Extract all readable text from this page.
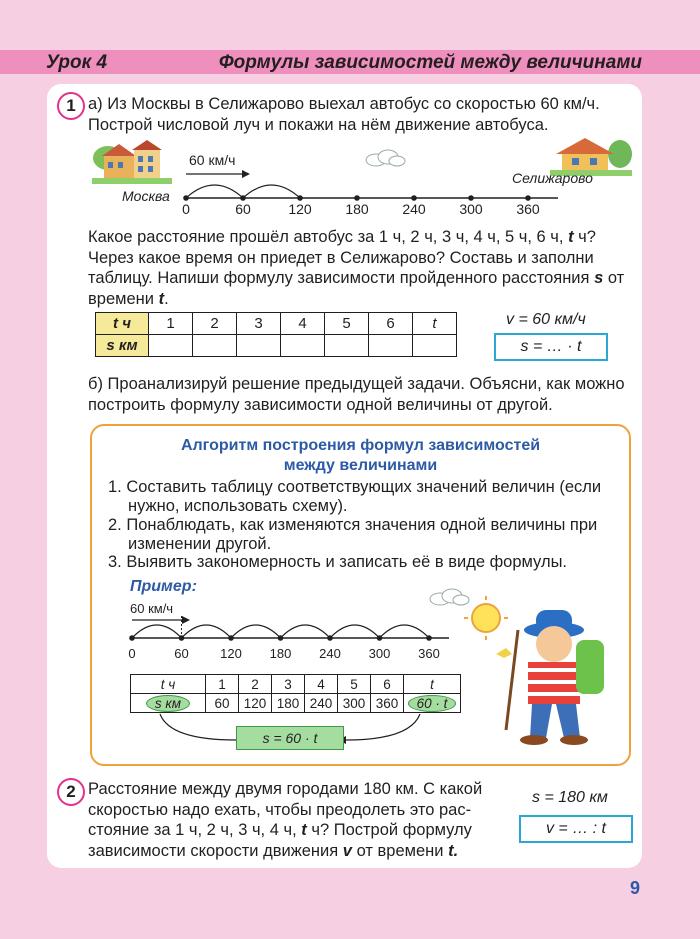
Урок 4	Формулы зависимостей между величинами
1 а) Из Москвы в Селижарово выехал автобус со скоростью 60 км/ч.
Построй числовой луч и покажи на нём движение автобуса.
0	60	120 180 240 300 360
60 км/ч
Москва
Селижарово
Какое расстояние прошёл автобус за 1 ч, 2 ч, 3 ч, 4 ч, 5 ч, 6 ч, t ч?
Через какое время он приедет в Селижарово? Составь и заполни
таблицу. Напиши формулу зависимости пройденного расстояния s от
времени t.
t ч	1	2	3	4	5	6	t
s км							
v = 60 км/ч
s = … · t
б) Проанализируй решение предыдущей задачи. Объясни, как можно
построить формулу зависимости одной величины от другой.
Алгоритм построения формул зависимостей
между величинами
1. Составить таблицу соответствующих значений величин (если
нужно, использовать схему).
2. Понаблюдать, как изменяются значения одной величины при
изменении другой.
3. Выявить закономерность и записать её в виде формулы.
Пример:
0	60 120 180 240 300 360
60 км/ч
t ч	1	2	3	4	5	6	t
s км	60	120	180	240	300	360	60 · t
s = 60 · t
2 Расстояние между двумя городами 180 км. С какой
скоростью надо ехать, чтобы преодолеть это рас-
стояние за 1 ч, 2 ч, 3 ч, 4 ч, t ч? Построй формулу
зависимости скорости движения v от времени t.
s = 180 км
v = … : t
9
